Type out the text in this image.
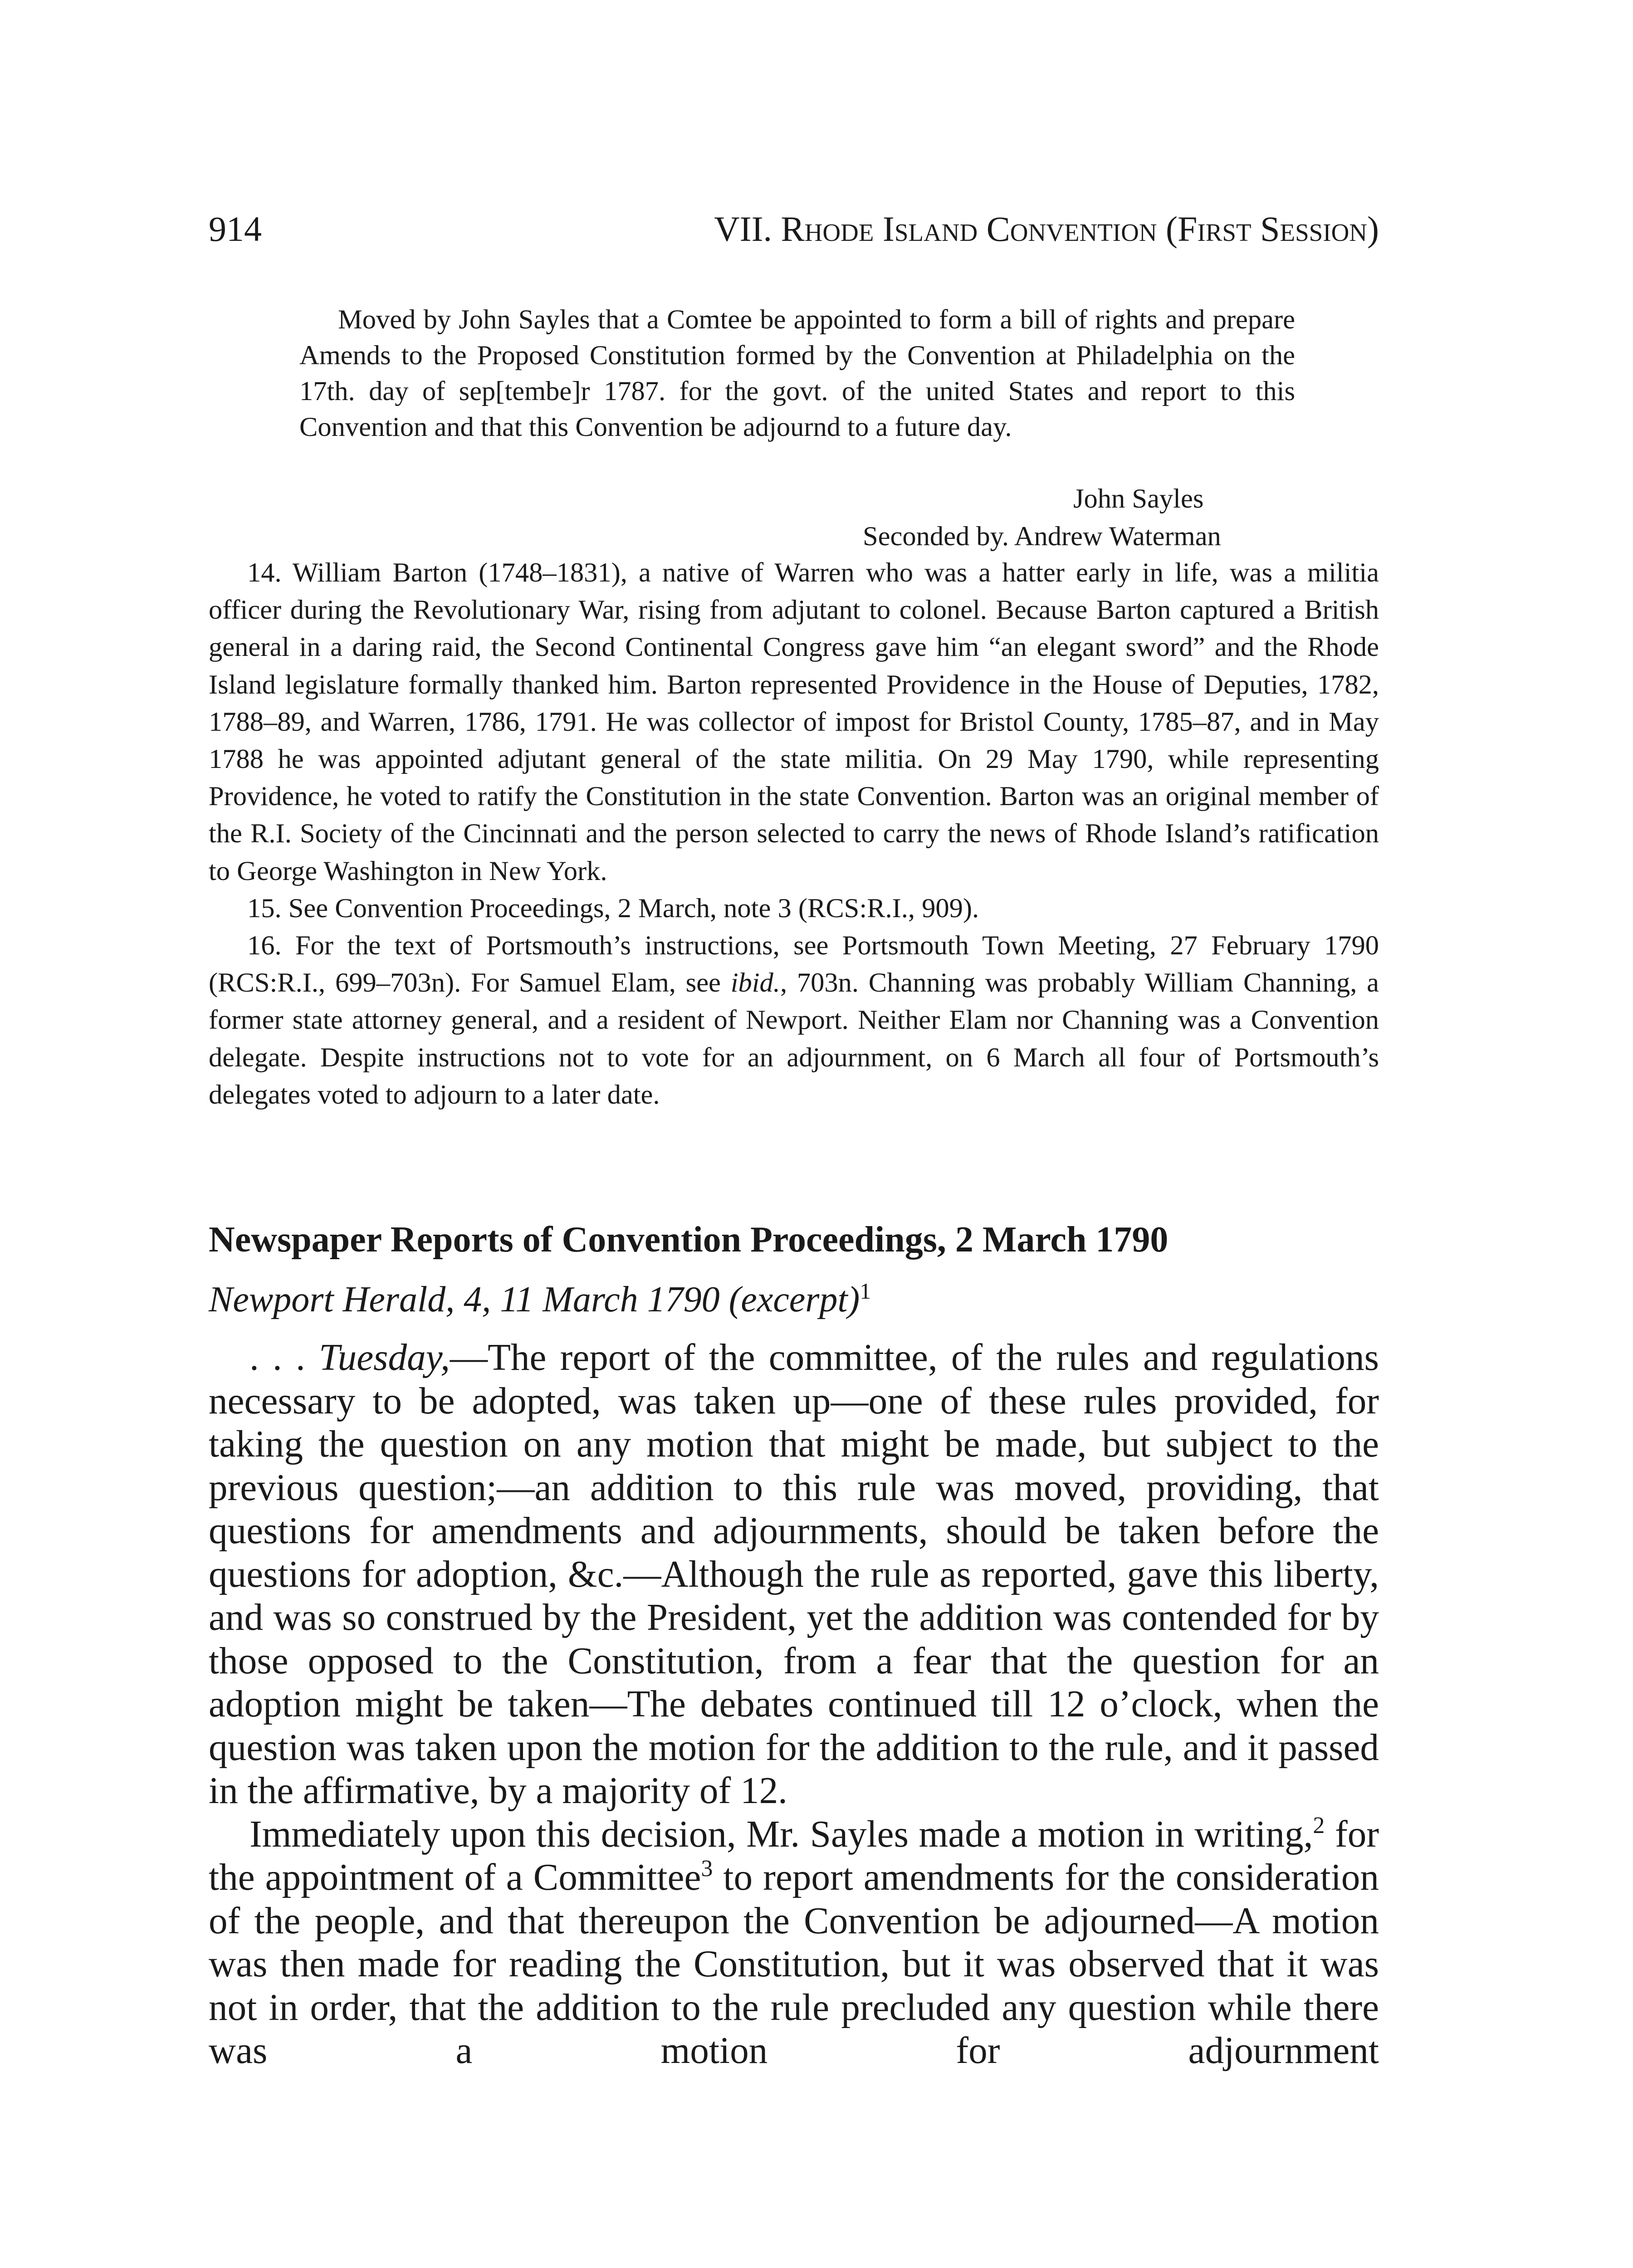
914	VII. Rhode Island Convention (First Session)

Moved by John Sayles that a Comtee be appointed to form a bill of rights and prepare Amends to the Proposed Constitution formed by the Convention at Philadelphia on the 17th. day of sep[tembe]r 1787. for the govt. of the united States and report to this Convention and that this Convention be adjournd to a future day.

John Sayles
Seconded by. Andrew Waterman

14. William Barton (1748–1831), a native of Warren who was a hatter early in life, was a militia officer during the Revolutionary War, rising from adjutant to colonel. Because Barton captured a British general in a daring raid, the Second Continental Congress gave him “an elegant sword” and the Rhode Island legislature formally thanked him. Barton represented Providence in the House of Deputies, 1782, 1788–89, and Warren, 1786, 1791. He was collector of impost for Bristol County, 1785–87, and in May 1788 he was appointed adjutant general of the state militia. On 29 May 1790, while representing Providence, he voted to ratify the Constitution in the state Convention. Barton was an original member of the R.I. Society of the Cincinnati and the person selected to carry the news of Rhode Island’s ratification to George Washington in New York.

15. See Convention Proceedings, 2 March, note 3 (RCS:R.I., 909).

16. For the text of Portsmouth’s instructions, see Portsmouth Town Meeting, 27 February 1790 (RCS:R.I., 699–703n). For Samuel Elam, see ibid., 703n. Channing was probably William Channing, a former state attorney general, and a resident of Newport. Neither Elam nor Channing was a Convention delegate. Despite instructions not to vote for an adjournment, on 6 March all four of Portsmouth’s delegates voted to adjourn to a later date.

Newspaper Reports of Convention Proceedings, 2 March 1790
Newport Herald, 4, 11 March 1790 (excerpt)$^1$

. . . Tuesday,—The report of the committee, of the rules and regulations necessary to be adopted, was taken up—one of these rules provided, for taking the question on any motion that might be made, but subject to the previous question;—an addition to this rule was moved, providing, that questions for amendments and adjournments, should be taken before the questions for adoption, &c.—Although the rule as reported, gave this liberty, and was so construed by the President, yet the addition was contended for by those opposed to the Constitution, from a fear that the question for an adoption might be taken—The debates continued till 12 o’clock, when the question was taken upon the motion for the addition to the rule, and it passed in the affirmative, by a majority of 12.

Immediately upon this decision, Mr. Sayles made a motion in writing,$^2$ for the appointment of a Committee$^3$ to report amendments for the consideration of the people, and that thereupon the Convention be adjourned—A motion was then made for reading the Constitution, but it was observed that it was not in order, that the addition to the rule precluded any question while there was a motion for adjournment
